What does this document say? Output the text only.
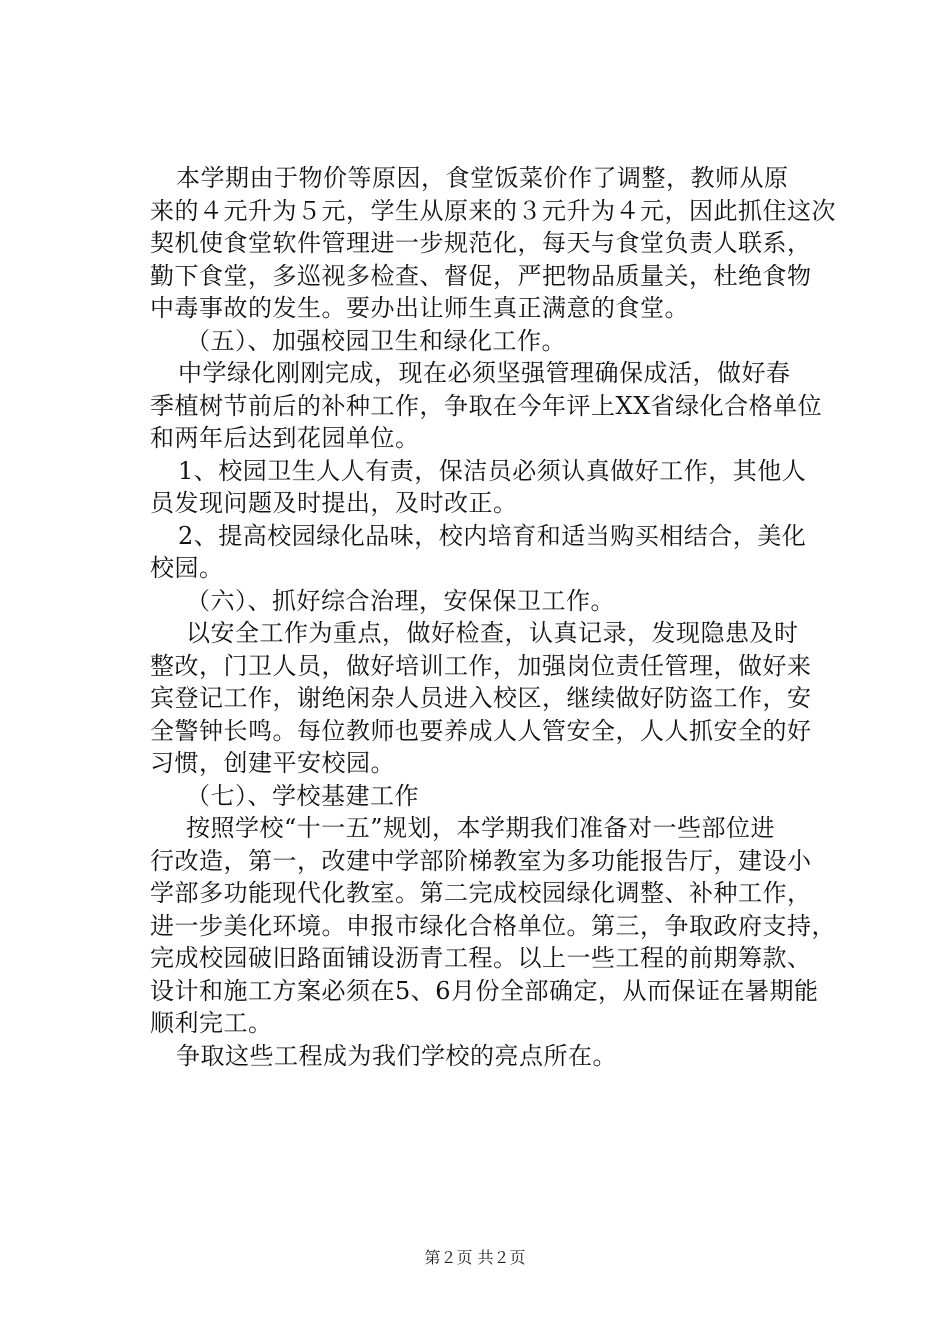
本学期由于物价等原因，食堂饭菜价作了调整，教师从原
来的４元升为５元，学生从原来的３元升为４元，因此抓住这次
契机使食堂软件管理进一步规范化，每天与食堂负责人联系，
勤下食堂，多巡视多检查、督促，严把物品质量关，杜绝食物
中毒事故的发生。要办出让师生真正满意的食堂。
（五）、加强校园卫生和绿化工作。
中学绿化刚刚完成，现在必须坚强管理确保成活，做好春
季植树节前后的补种工作，争取在今年评上XX省绿化合格单位
和两年后达到花园单位。
1、校园卫生人人有责，保洁员必须认真做好工作，其他人
员发现问题及时提出，及时改正。
2、提高校园绿化品味，校内培育和适当购买相结合，美化
校园。
（六）、抓好综合治理，安保保卫工作。
以安全工作为重点，做好检查，认真记录，发现隐患及时
整改，门卫人员，做好培训工作，加强岗位责任管理，做好来
宾登记工作，谢绝闲杂人员进入校区，继续做好防盗工作，安
全警钟长鸣。每位教师也要养成人人管安全，人人抓安全的好
习惯，创建平安校园。
（七）、学校基建工作
按照学校“十一五”规划，本学期我们准备对一些部位进
行改造，第一，改建中学部阶梯教室为多功能报告厅，建设小
学部多功能现代化教室。第二完成校园绿化调整、补种工作，
进一步美化环境。申报市绿化合格单位。第三，争取政府支持，
完成校园破旧路面铺设沥青工程。以上一些工程的前期筹款、
设计和施工方案必须在5、6月份全部确定，从而保证在暑期能
顺利完工。
争取这些工程成为我们学校的亮点所在。
第２页 共２页
